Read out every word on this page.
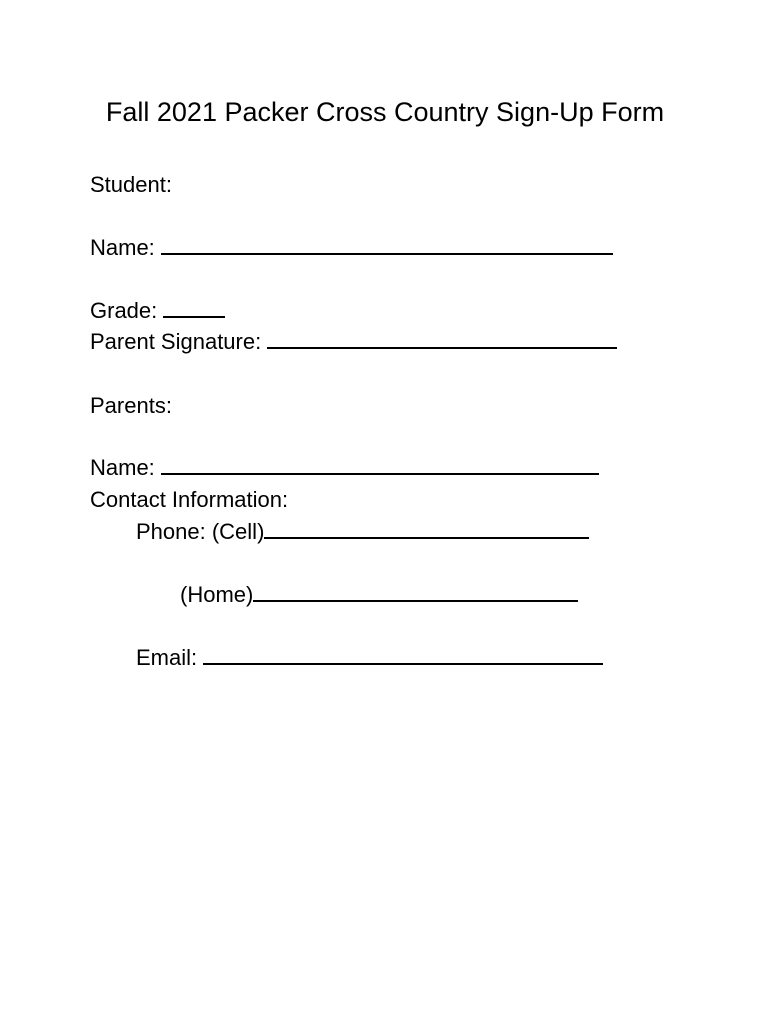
Fall 2021 Packer Cross Country Sign-Up Form
Student:
Name:
Grade:
Parent Signature:
Parents:
Name:
Contact Information:
Phone: (Cell)
(Home)
Email:
